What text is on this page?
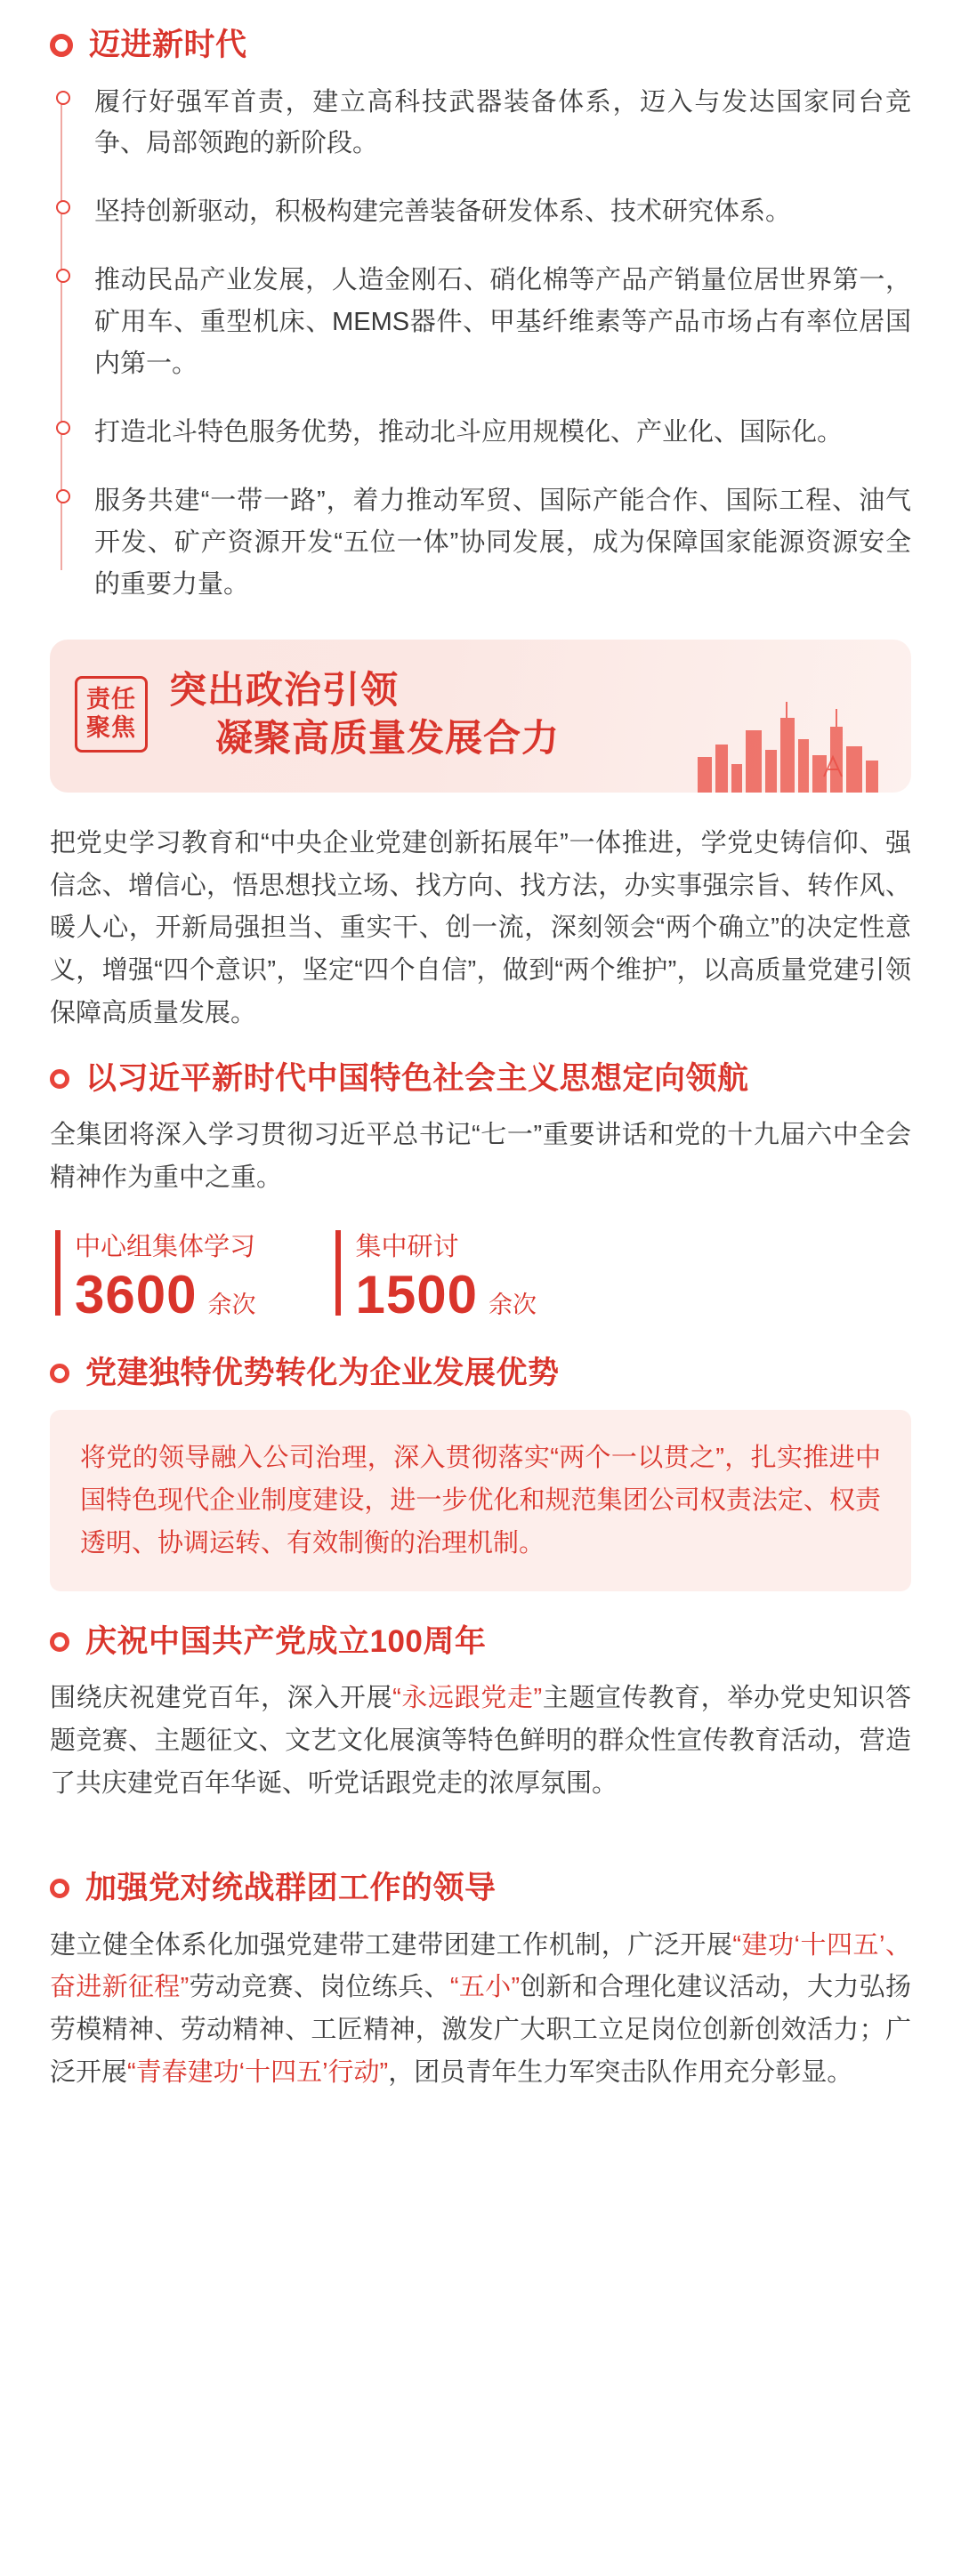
迈进新时代

履行好强军首责，建立高科技武器装备体系，迈入与发达国家同台竞争、局部领跑的新阶段。

坚持创新驱动，积极构建完善装备研发体系、技术研究体系。

推动民品产业发展，人造金刚石、硝化棉等产品产销量位居世界第一，矿用车、重型机床、MEMS器件、甲基纤维素等产品市场占有率位居国内第一。

打造北斗特色服务优势，推动北斗应用规模化、产业化、国际化。

服务共建“一带一路”，着力推动军贸、国际产能合作、国际工程、油气开发、矿产资源开发“五位一体”协同发展，成为保障国家能源资源安全的重要力量。

责任
聚焦
突出政治引领
凝聚高质量发展合力

把党史学习教育和“中央企业党建创新拓展年”一体推进，学党史铸信仰、强信念、增信心，悟思想找立场、找方向、找方法，办实事强宗旨、转作风、暖人心，开新局强担当、重实干、创一流，深刻领会“两个确立”的决定性意义，增强“四个意识”，坚定“四个自信”，做到“两个维护”，以高质量党建引领保障高质量发展。

以习近平新时代中国特色社会主义思想定向领航

全集团将深入学习贯彻习近平总书记“七一”重要讲话和党的十九届六中全会精神作为重中之重。

中心组集体学习
3600 余次
集中研讨
1500 余次
党建独特优势转化为企业发展优势

将党的领导融入公司治理，深入贯彻落实“两个一以贯之”，扎实推进中国特色现代企业制度建设，进一步优化和规范集团公司权责法定、权责透明、协调运转、有效制衡的治理机制。

庆祝中国共产党成立100周年

围绕庆祝建党百年，深入开展“永远跟党走”主题宣传教育，举办党史知识答题竞赛、主题征文、文艺文化展演等特色鲜明的群众性宣传教育活动，营造了共庆建党百年华诞、听党话跟党走的浓厚氛围。

加强党对统战群团工作的领导

建立健全体系化加强党建带工建带团建工作机制，广泛开展“建功‘十四五’、奋进新征程”劳动竞赛、岗位练兵、“五小”创新和合理化建议活动，大力弘扬劳模精神、劳动精神、工匠精神，激发广大职工立足岗位创新创效活力；广泛开展“青春建功‘十四五’行动”，团员青年生力军突击队作用充分彰显。
